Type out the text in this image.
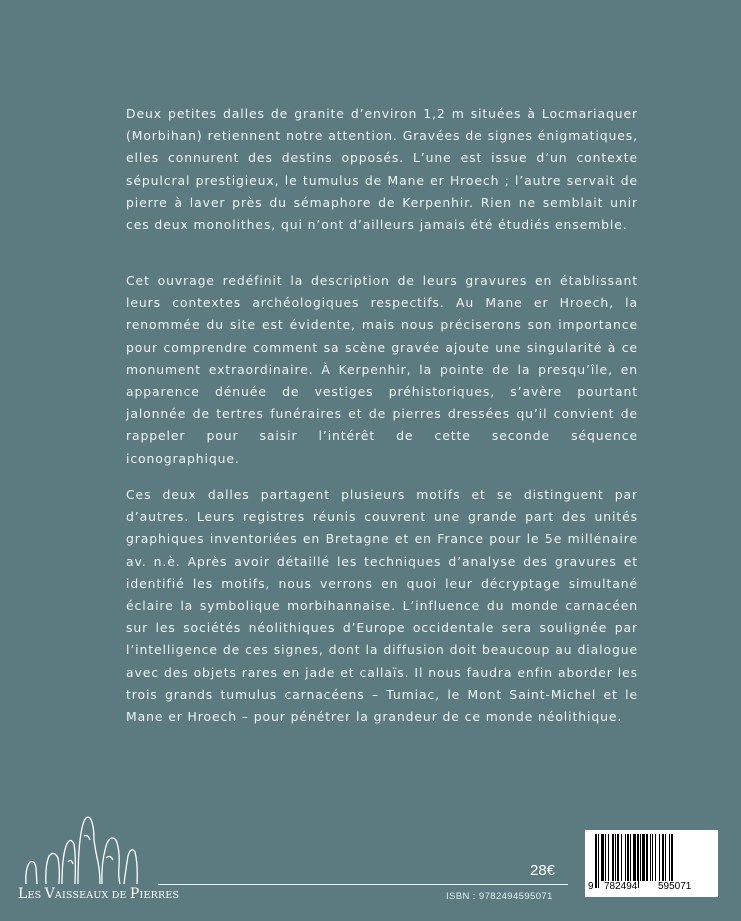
Deux petites dalles de granite d’environ 1,2 m situées à Locmariaquer (Morbihan) retiennent notre attention. Gravées de signes énigmatiques, elles connurent des destins opposés. L’une est issue d’un contexte sépulcral prestigieux, le tumulus de Mane er Hroech ; l’autre servait de pierre à laver près du sémaphore de Kerpenhir. Rien ne semblait unir ces deux monolithes, qui n’ont d’ailleurs jamais été étudiés ensemble.

Cet ouvrage redéfinit la description de leurs gravures en établissant leurs contextes archéologiques respectifs. Au Mane er Hroech, la renommée du site est évidente, mais nous préciserons son importance pour comprendre comment sa scène gravée ajoute une singularité à ce monument extraordinaire. À Kerpenhir, la pointe de la presqu’île, en apparence dénuée de vestiges préhistoriques, s’avère pourtant jalonnée de tertres funéraires et de pierres dressées qu’il convient de rappeler pour saisir l’intérêt de cette seconde séquence iconographique.

Ces deux dalles partagent plusieurs motifs et se distinguent par d’autres. Leurs registres réunis couvrent une grande part des unités graphiques inventoriées en Bretagne et en France pour le 5e millénaire av. n.è. Après avoir détaillé les techniques d’analyse des gravures et identifié les motifs, nous verrons en quoi leur décryptage simultané éclaire la symbolique morbihannaise. L’influence du monde carnacéen sur les sociétés néolithiques d’Europe occidentale sera soulignée par l’intelligence de ces signes, dont la diffusion doit beaucoup au dialogue avec des objets rares en jade et callaïs. Il nous faudra enfin aborder les trois grands tumulus carnacéens – Tumiac, le Mont Saint-Michel et le Mane er Hroech – pour pénétrer la grandeur de ce monde néolithique.

LES VAISSEAUX DE PIERRES
28€
ISBN : 9782494595071
9 782494 595071
